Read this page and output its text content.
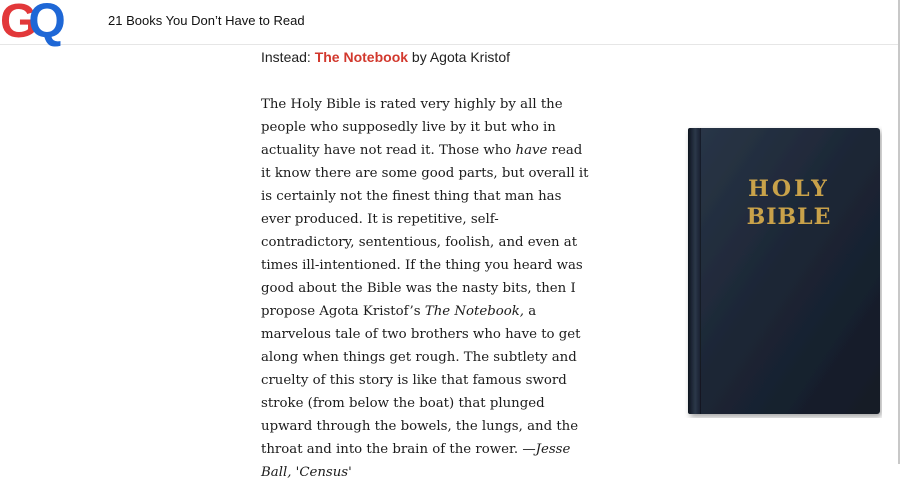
GQ	21 Books You Don’t Have to Read

Instead: The Notebook by Agota Kristof

The Holy Bible is rated very highly by all the people who supposedly live by it but who in actuality have not read it. Those who have read it know there are some good parts, but overall it is certainly not the finest thing that man has ever produced. It is repetitive, self-contradictory, sententious, foolish, and even at times ill-intentioned. If the thing you heard was good about the Bible was the nasty bits, then I propose Agota Kristof’s The Notebook, a marvelous tale of two brothers who have to get along when things get rough. The subtlety and cruelty of this story is like that famous sword stroke (from below the boat) that plunged upward through the bowels, the lungs, and the throat and into the brain of the rower. —Jesse Ball, 'Census'

HOLY
BIBLE
